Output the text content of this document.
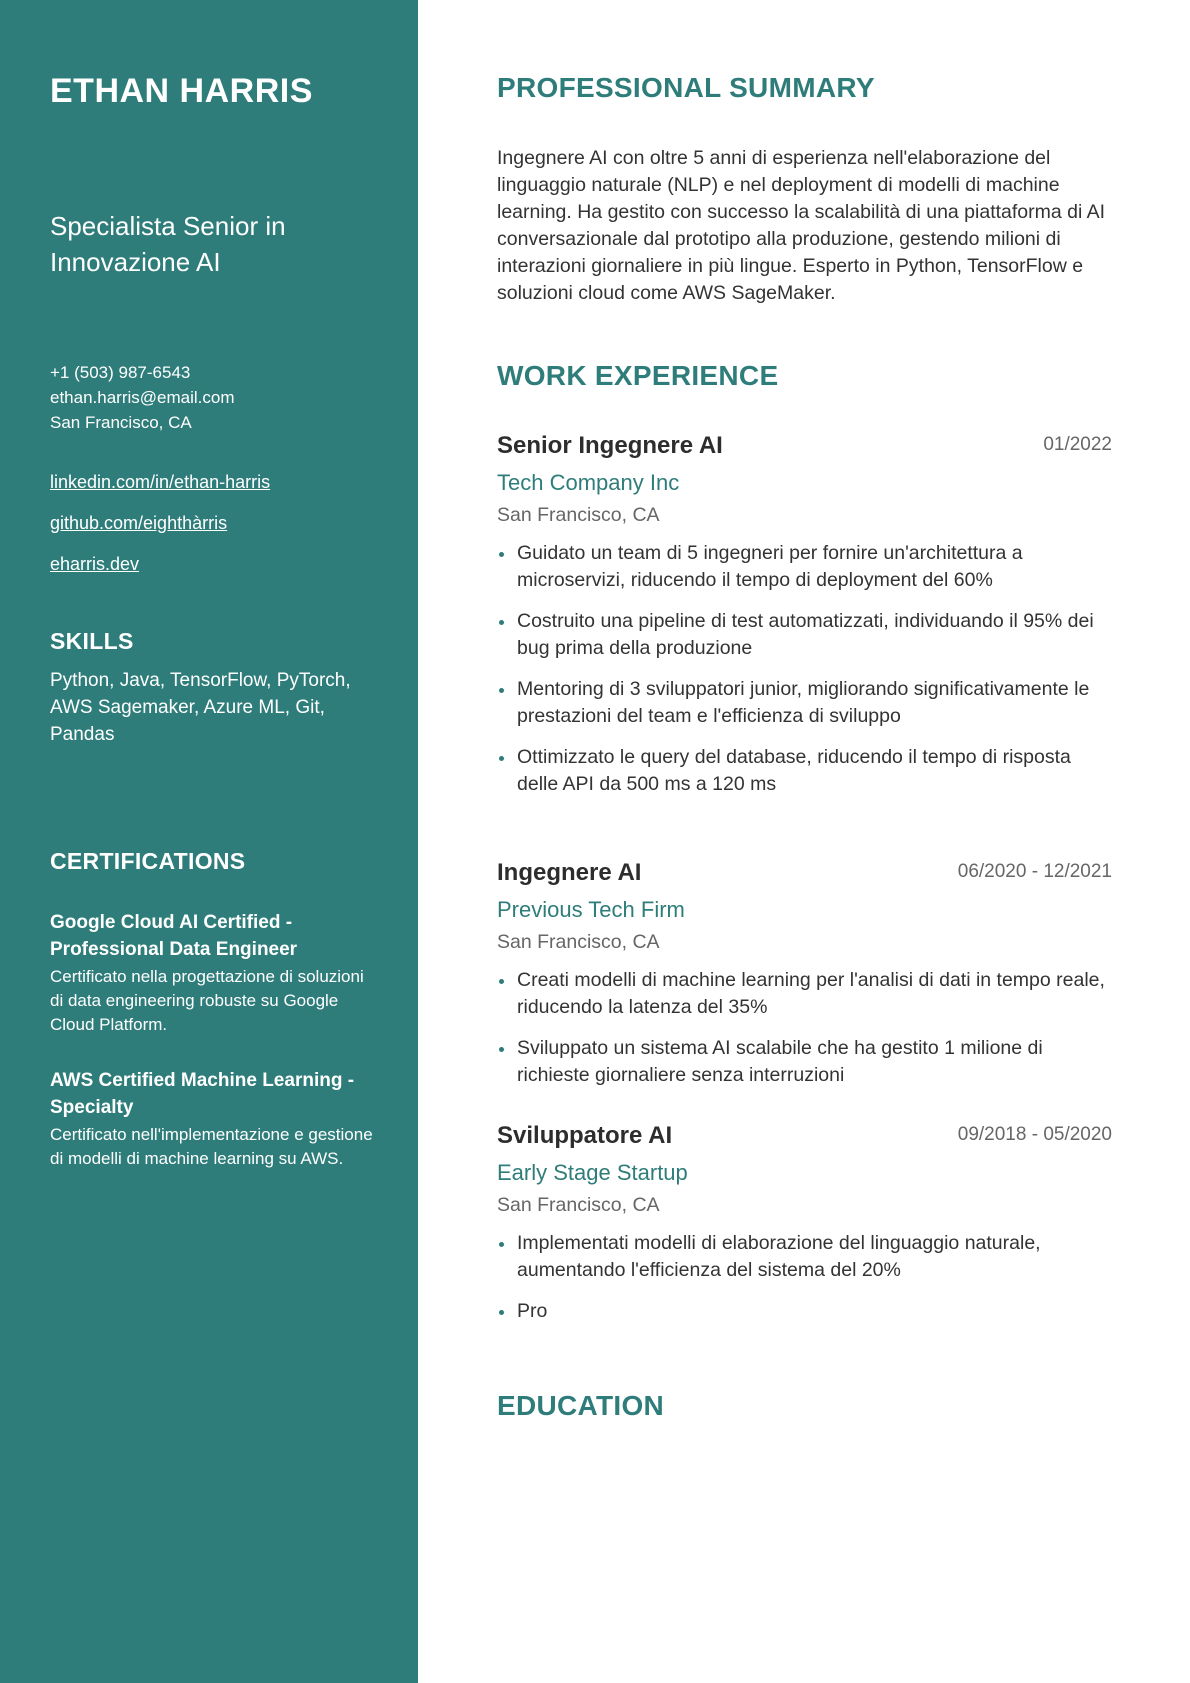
ETHAN HARRIS

Specialista Senior in Innovazione AI

+1 (503) 987-6543
ethan.harris@email.com
San Francisco, CA
linkedin.com/in/ethan-harris
github.com/eighthàrris
eharris.dev
SKILLS
Python, Java, TensorFlow, PyTorch, AWS Sagemaker, Azure ML, Git, Pandas
CERTIFICATIONS
Google Cloud AI Certified - Professional Data Engineer
Certificato nella progettazione di soluzioni di data engineering robuste su Google Cloud Platform.
AWS Certified Machine Learning - Specialty
Certificato nell'implementazione e gestione di modelli di machine learning su AWS.
PROFESSIONAL SUMMARY

Ingegnere AI con oltre 5 anni di esperienza nell'elaborazione del linguaggio naturale (NLP) e nel deployment di modelli di machine learning. Ha gestito con successo la scalabilità di una piattaforma di AI conversazionale dal prototipo alla produzione, gestendo milioni di interazioni giornaliere in più lingue. Esperto in Python, TensorFlow e soluzioni cloud come AWS SageMaker.

WORK EXPERIENCE
Senior Ingegnere AI	01/2022
Tech Company Inc
San Francisco, CA
Guidato un team di 5 ingegneri per fornire un'architettura a microservizi, riducendo il tempo di deployment del 60%
Costruito una pipeline di test automatizzati, individuando il 95% dei bug prima della produzione
Mentoring di 3 sviluppatori junior, migliorando significativamente le prestazioni del team e l'efficienza di sviluppo
Ottimizzato le query del database, riducendo il tempo di risposta delle API da 500 ms a 120 ms
Ingegnere AI	06/2020 - 12/2021
Previous Tech Firm
San Francisco, CA
Creati modelli di machine learning per l'analisi di dati in tempo reale, riducendo la latenza del 35%
Sviluppato un sistema AI scalabile che ha gestito 1 milione di richieste giornaliere senza interruzioni
Sviluppatore AI	09/2018 - 05/2020
Early Stage Startup
San Francisco, CA
Implementati modelli di elaborazione del linguaggio naturale, aumentando l'efficienza del sistema del 20%
Pro
EDUCATION
